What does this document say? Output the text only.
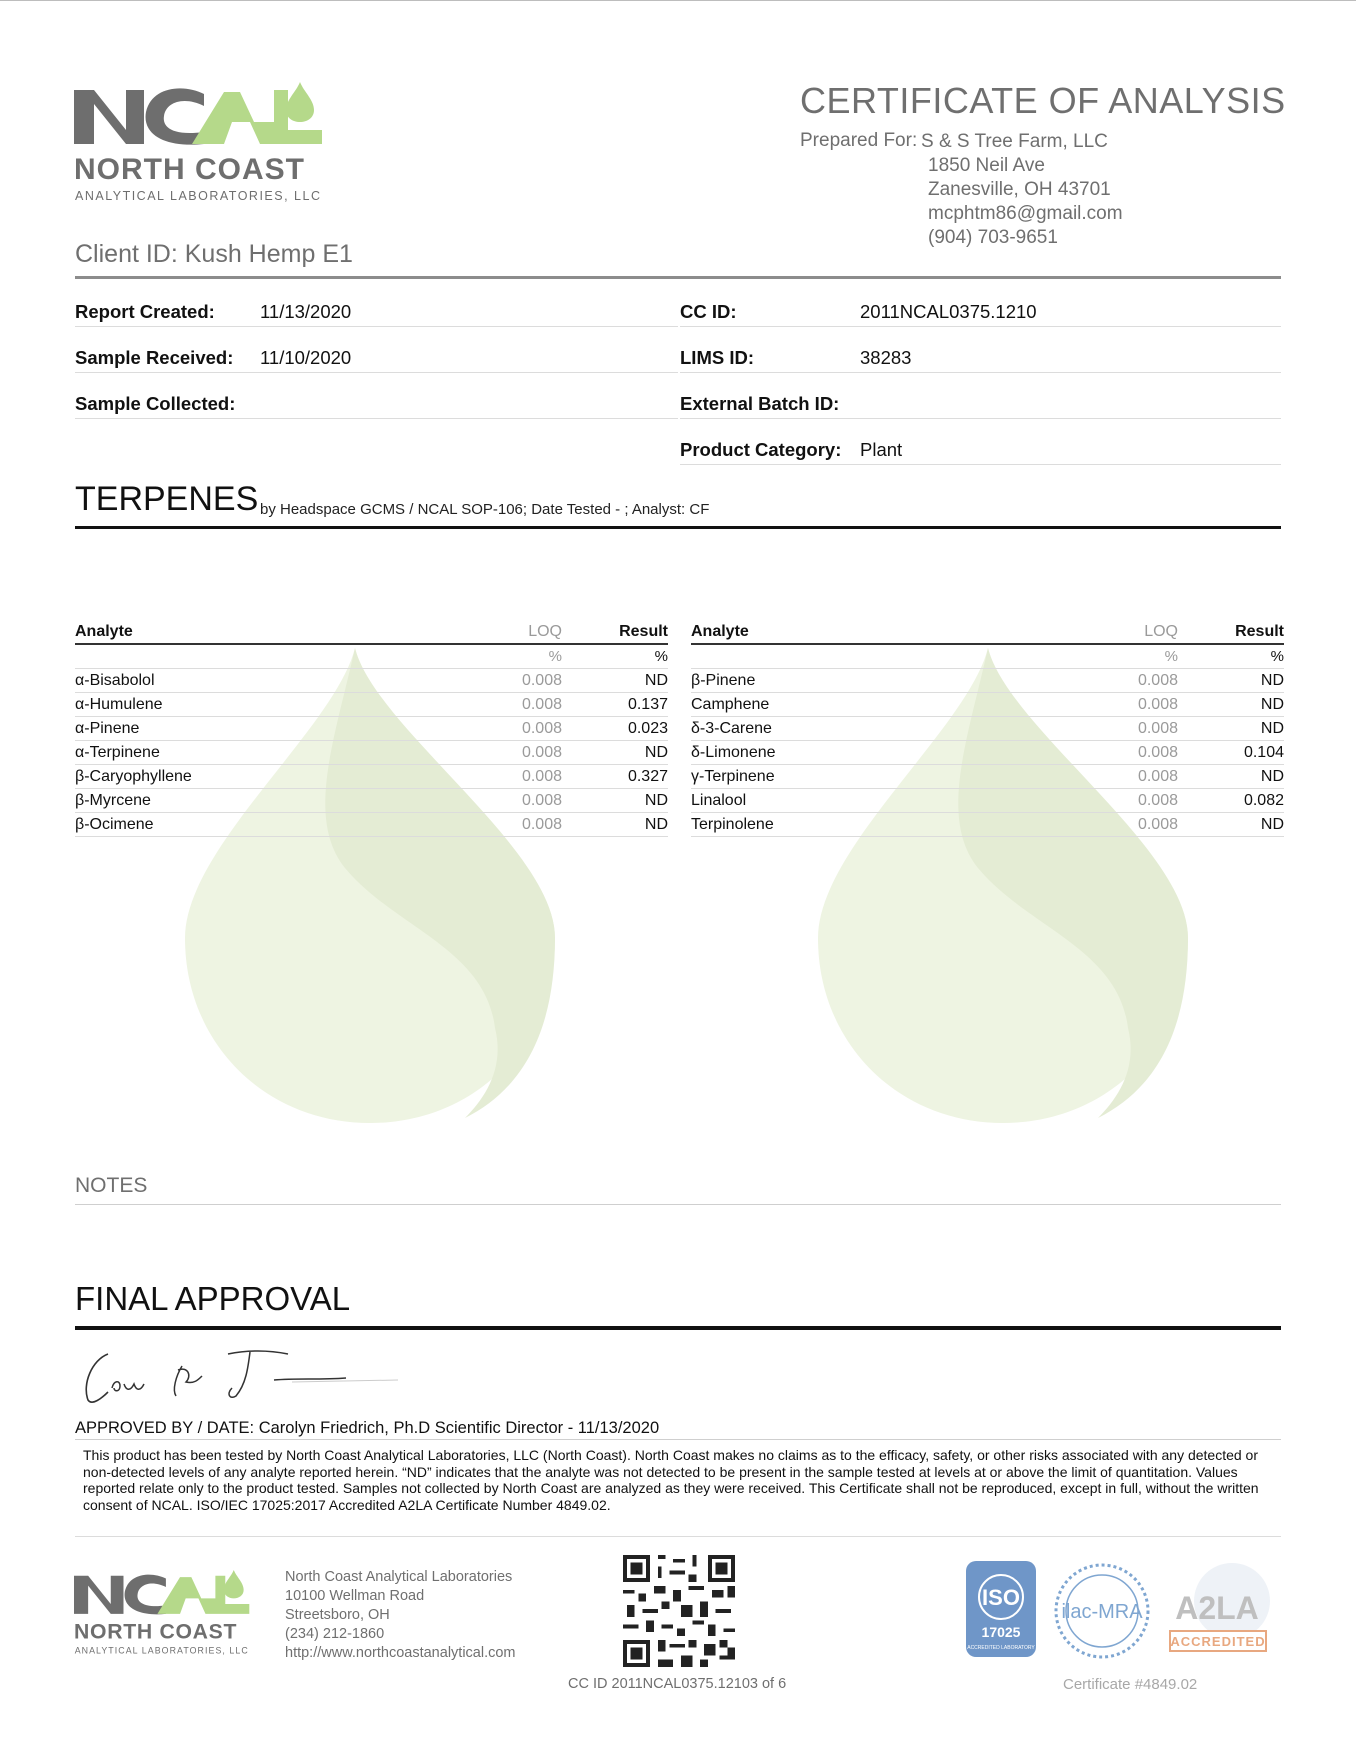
NORTH COAST
ANALYTICAL LABORATORIES, LLC
CERTIFICATE OF ANALYSIS
Prepared For: S & S Tree Farm, LLC
1850 Neil Ave
Zanesville, OH 43701
mcphtm86@gmail.com
(904) 703-9651
Client ID: Kush Hemp E1
Report Created: 11/13/2020
Sample Received: 11/10/2020
Sample Collected:
CC ID:	2011NCAL0375.1210
LIMS ID:	38283
External Batch ID:
Product Category: Plant
TERPENES by Headspace GCMS / NCAL SOP-106; Date Tested - ; Analyst: CF
Analyte	LOQ	Result
%	%
α-Bisabolol	0.008	ND
α-Humulene	0.008	0.137
α-Pinene	0.008	0.023
α-Terpinene	0.008	ND
β-Caryophyllene	0.008	0.327
β-Myrcene	0.008	ND
β-Ocimene	0.008	ND
Analyte	LOQ	Result
%	%
β-Pinene	0.008	ND
Camphene	0.008	ND
δ-3-Carene	0.008	ND
δ-Limonene	0.008	0.104
γ-Terpinene	0.008	ND
Linalool	0.008	0.082
Terpinolene	0.008	ND
NOTES
FINAL APPROVAL
APPROVED BY / DATE: Carolyn Friedrich, Ph.D Scientific Director - 11/13/2020
This product has been tested by North Coast Analytical Laboratories, LLC (North Coast). North Coast makes no claims as to the efficacy, safety, or other risks associated with any detected or non-detected levels of any analyte reported herein. “ND” indicates that the analyte was not detected to be present in the sample tested at levels at or above the limit of quantitation. Values reported relate only to the product tested. Samples not collected by North Coast are analyzed as they were received. This Certificate shall not be reproduced, except in full, without the written consent of NCAL. ISO/IEC 17025:2017 Accredited A2LA Certificate Number 4849.02.
NORTH COAST
ANALYTICAL LABORATORIES, LLC
North Coast Analytical Laboratories
10100 Wellman Road
Streetsboro, OH
(234) 212-1860
http://www.northcoastanalytical.com
CC ID 2011NCAL0375.12103 of 6
ISO
17025
ACCREDITED LABORATORY
ilac-MRA A2LA
ACCREDITED
Certificate #4849.02
